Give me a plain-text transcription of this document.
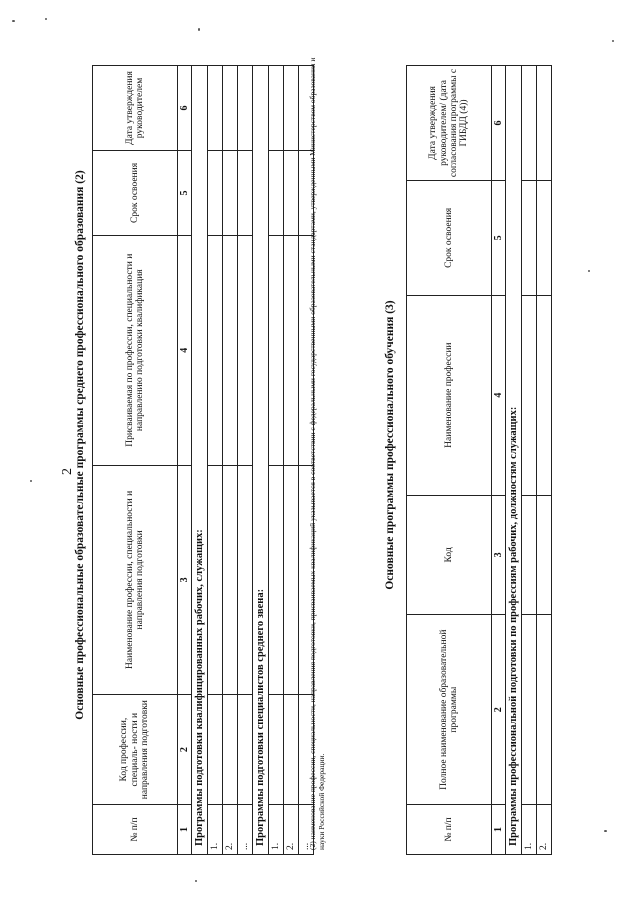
2 Основные профессиональные образовательные программы среднего профессионального образования (2)
№ п/п	Код профессии, специаль- ности и направления подготовки	Наименование профессии, специальности и направления подготовки	Присваиваемая по профессии, специальности и направлению подготовки квалификация	Срок освоения	Дата утверждения руководителем
1	2	3	4	5	6
Программы подготовки квалифицированных рабочих, служащих:					
1.					
2.					
...					
Программы подготовки специалистов среднего звена:					
1.					
2.					
...					
(2) наименование профессии, специальности, направления подготовки, присваиваемых квалификаций указывается в соответствии с федеральными государственными образовательными стандартами, утвержденными Министерством образования и науки Российской Федерации.
Основные программы профессионального обучения (3)
№ п/п	Полное наименование образовательной программы	Код	Наименование профессии	Срок освоения	Дата утверждения руководителем/ (дата согласования программы с ГИБДД (4))
1	2	3	4	5	6
Программы профессиональной подготовки по профессиям рабочих, должностям служащих:					
1.					
2.					
